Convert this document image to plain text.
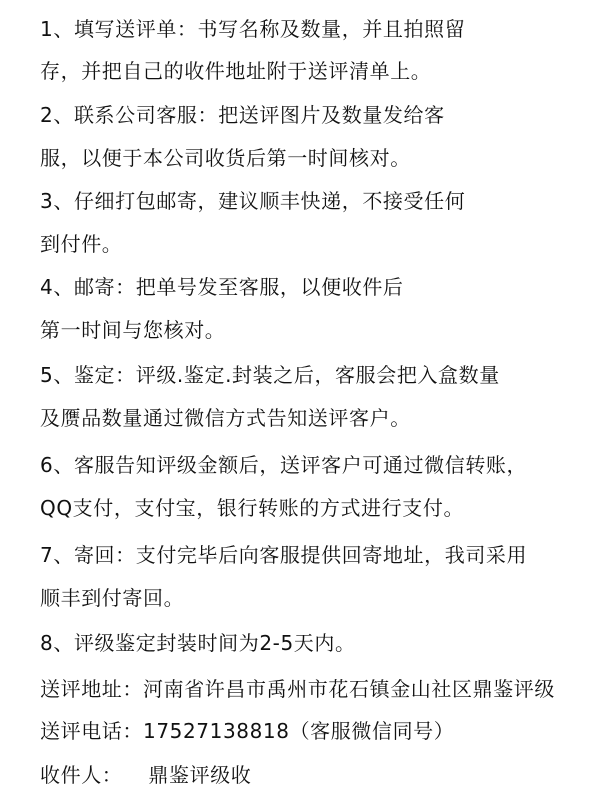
1、填写送评单：书写名称及数量，并且拍照留
存，并把自己的收件地址附于送评清单上。
2、联系公司客服：把送评图片及数量发给客
服，以便于本公司收货后第一时间核对。
3、仔细打包邮寄，建议顺丰快递，不接受任何
到付件。
4、邮寄：把单号发至客服，以便收件后
第一时间与您核对。
5、鉴定：评级.鉴定.封装之后，客服会把入盒数量
及赝品数量通过微信方式告知送评客户。
6、客服告知评级金额后，送评客户可通过微信转账，
QQ支付，支付宝，银行转账的方式进行支付。
7、寄回：支付完毕后向客服提供回寄地址，我司采用
顺丰到付寄回。
8、评级鉴定封装时间为2-5天内。
送评地址：河南省许昌市禹州市花石镇金山社区鼎鉴评级
送评电话：17527138818（客服微信同号）
收件人： 鼎鉴评级收
